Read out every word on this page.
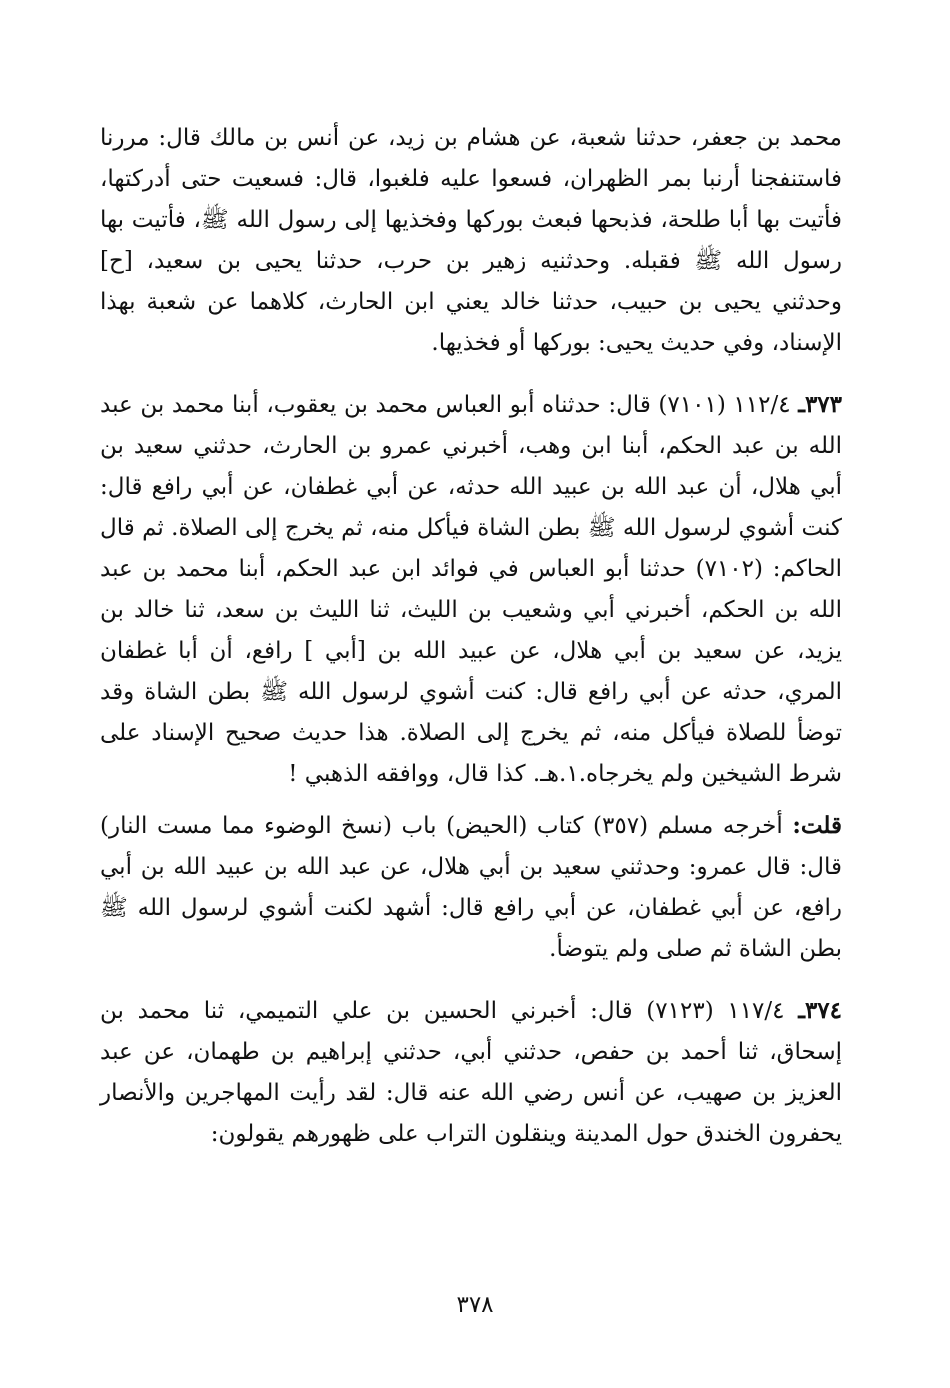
محمد بن جعفر، حدثنا شعبة، عن هشام بن زيد، عن أنس بن مالك قال: مررنا فاستنفجنا أرنبا بمر الظهران، فسعوا عليه فلغبوا، قال: فسعيت حتى أدركتها، فأتيت بها أبا طلحة، فذبحها فبعث بوركها وفخذيها إلى رسول الله ﷺ، فأتيت بها رسول الله ﷺ فقبله. وحدثنيه زهير بن حرب، حدثنا يحيى بن سعيد، [ح] وحدثني يحيى بن حبيب، حدثنا خالد يعني ابن الحارث، كلاهما عن شعبة بهذا الإسناد، وفي حديث يحيى: بوركها أو فخذيها.

٣٧٣ـ ١١٢/٤ (٧١٠١) قال: حدثناه أبو العباس محمد بن يعقوب، أبنا محمد بن عبد الله بن عبد الحكم، أبنا ابن وهب، أخبرني عمرو بن الحارث، حدثني سعيد بن أبي هلال، أن عبد الله بن عبيد الله حدثه، عن أبي غطفان، عن أبي رافع قال: كنت أشوي لرسول الله ﷺ بطن الشاة فيأكل منه، ثم يخرج إلى الصلاة. ثم قال الحاكم: (٧١٠٢) حدثنا أبو العباس في فوائد ابن عبد الحكم، أبنا محمد بن عبد الله بن الحكم، أخبرني أبي وشعيب بن الليث، ثنا الليث بن سعد، ثنا خالد بن يزيد، عن سعيد بن أبي هلال، عن عبيد الله بن [أبي ] رافع، أن أبا غطفان المري، حدثه عن أبي رافع قال: كنت أشوي لرسول الله ﷺ بطن الشاة وقد توضأ للصلاة فيأكل منه، ثم يخرج إلى الصلاة. هذا حديث صحيح الإسناد على شرط الشيخين ولم يخرجاه.١.هـ. كذا قال، ووافقه الذهبي !

قلت: أخرجه مسلم (٣٥٧) كتاب (الحيض) باب (نسخ الوضوء مما مست النار) قال: قال عمرو: وحدثني سعيد بن أبي هلال، عن عبد الله بن عبيد الله بن أبي رافع، عن أبي غطفان، عن أبي رافع قال: أشهد لكنت أشوي لرسول الله ﷺ بطن الشاة ثم صلى ولم يتوضأ.

٣٧٤ـ ١١٧/٤ (٧١٢٣) قال: أخبرني الحسين بن علي التميمي، ثنا محمد بن إسحاق، ثنا أحمد بن حفص، حدثني أبي، حدثني إبراهيم بن طهمان، عن عبد العزيز بن صهيب، عن أنس رضي الله عنه قال: لقد رأيت المهاجرين والأنصار يحفرون الخندق حول المدينة وينقلون التراب على ظهورهم يقولون:

٣٧٨
